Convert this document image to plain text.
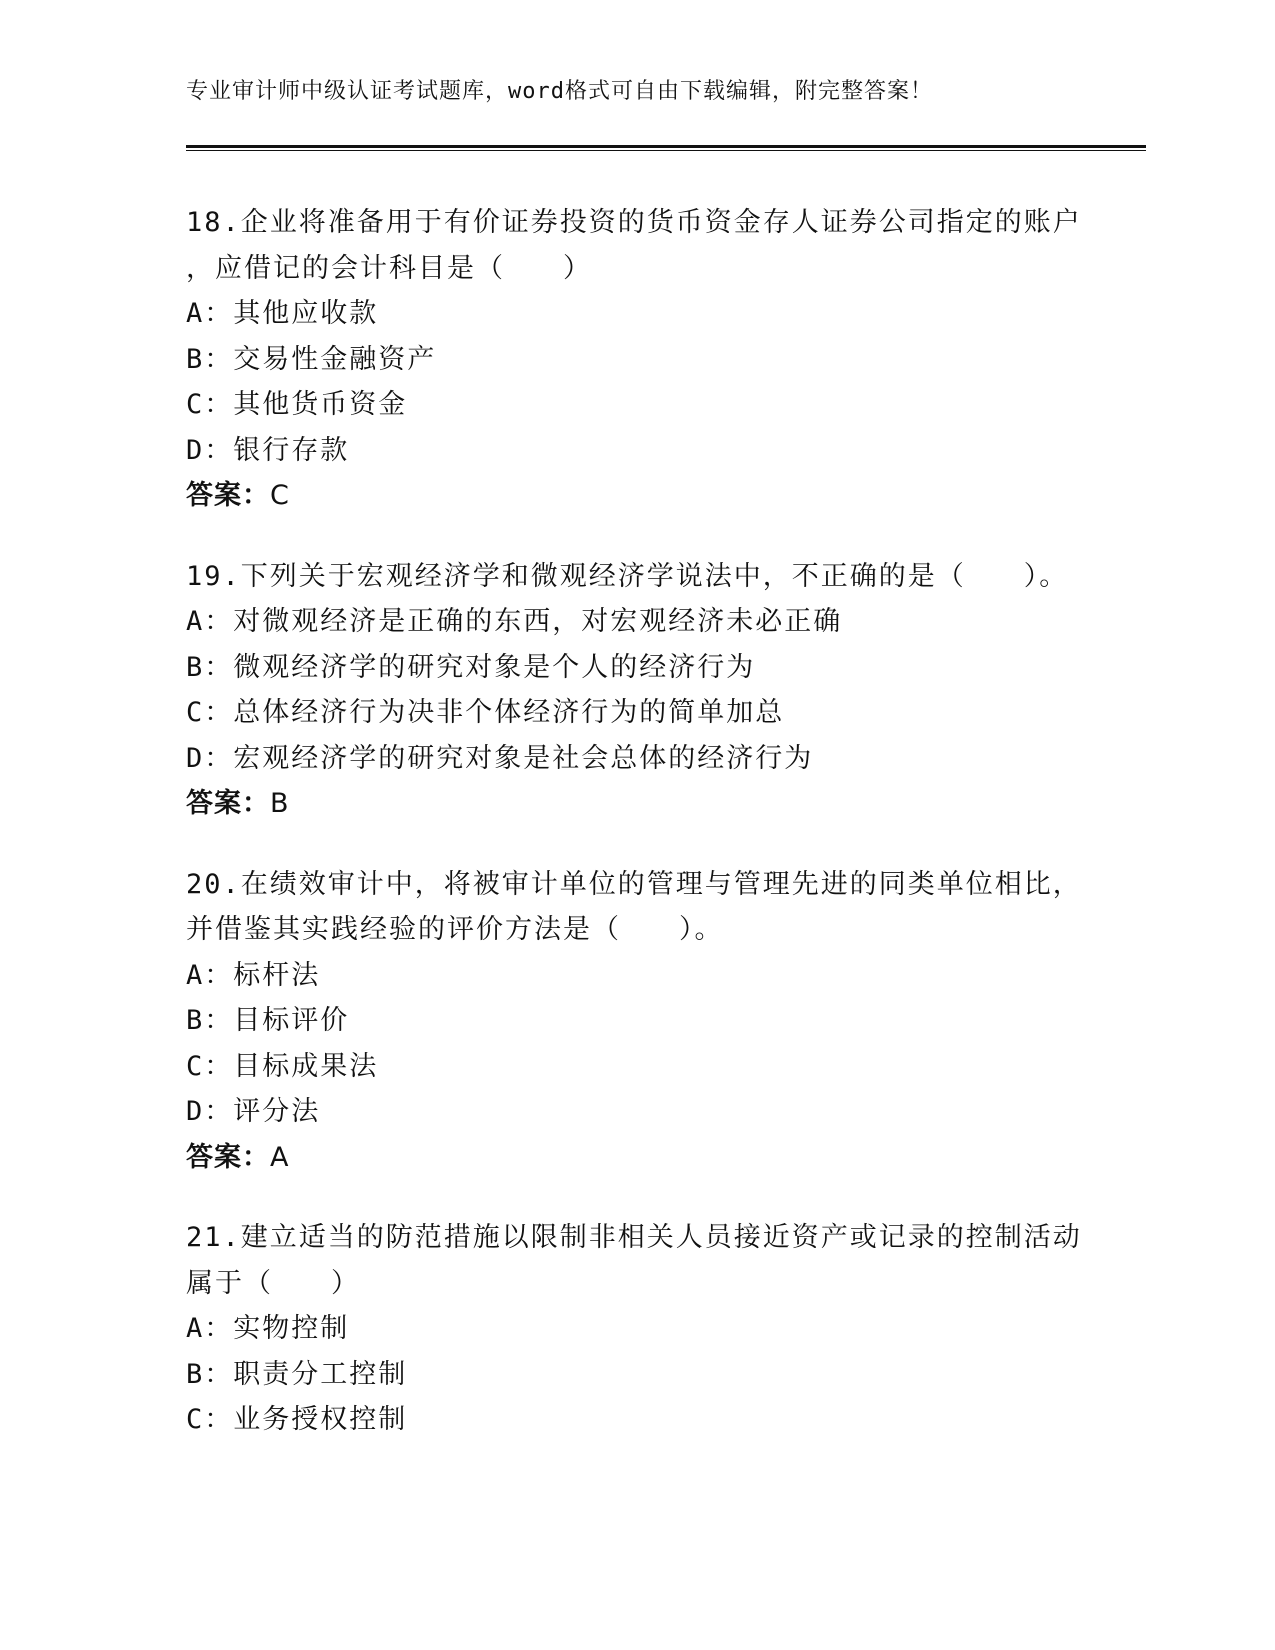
专业审计师中级认证考试题库，word格式可自由下载编辑，附完整答案！
18.企业将准备用于有价证券投资的货币资金存人证券公司指定的账户
，应借记的会计科目是（　　）
A：其他应收款
B：交易性金融资产
C：其他货币资金
D：银行存款
答案：C
19.下列关于宏观经济学和微观经济学说法中，不正确的是（　　）。
A：对微观经济是正确的东西，对宏观经济未必正确
B：微观经济学的研究对象是个人的经济行为
C：总体经济行为决非个体经济行为的简单加总
D：宏观经济学的研究对象是社会总体的经济行为
答案：B
20.在绩效审计中，将被审计单位的管理与管理先进的同类单位相比，
并借鉴其实践经验的评价方法是（　　）。
A：标杆法
B：目标评价
C：目标成果法
D：评分法
答案：A
21.建立适当的防范措施以限制非相关人员接近资产或记录的控制活动
属于（　　）
A：实物控制
B：职责分工控制
C：业务授权控制
